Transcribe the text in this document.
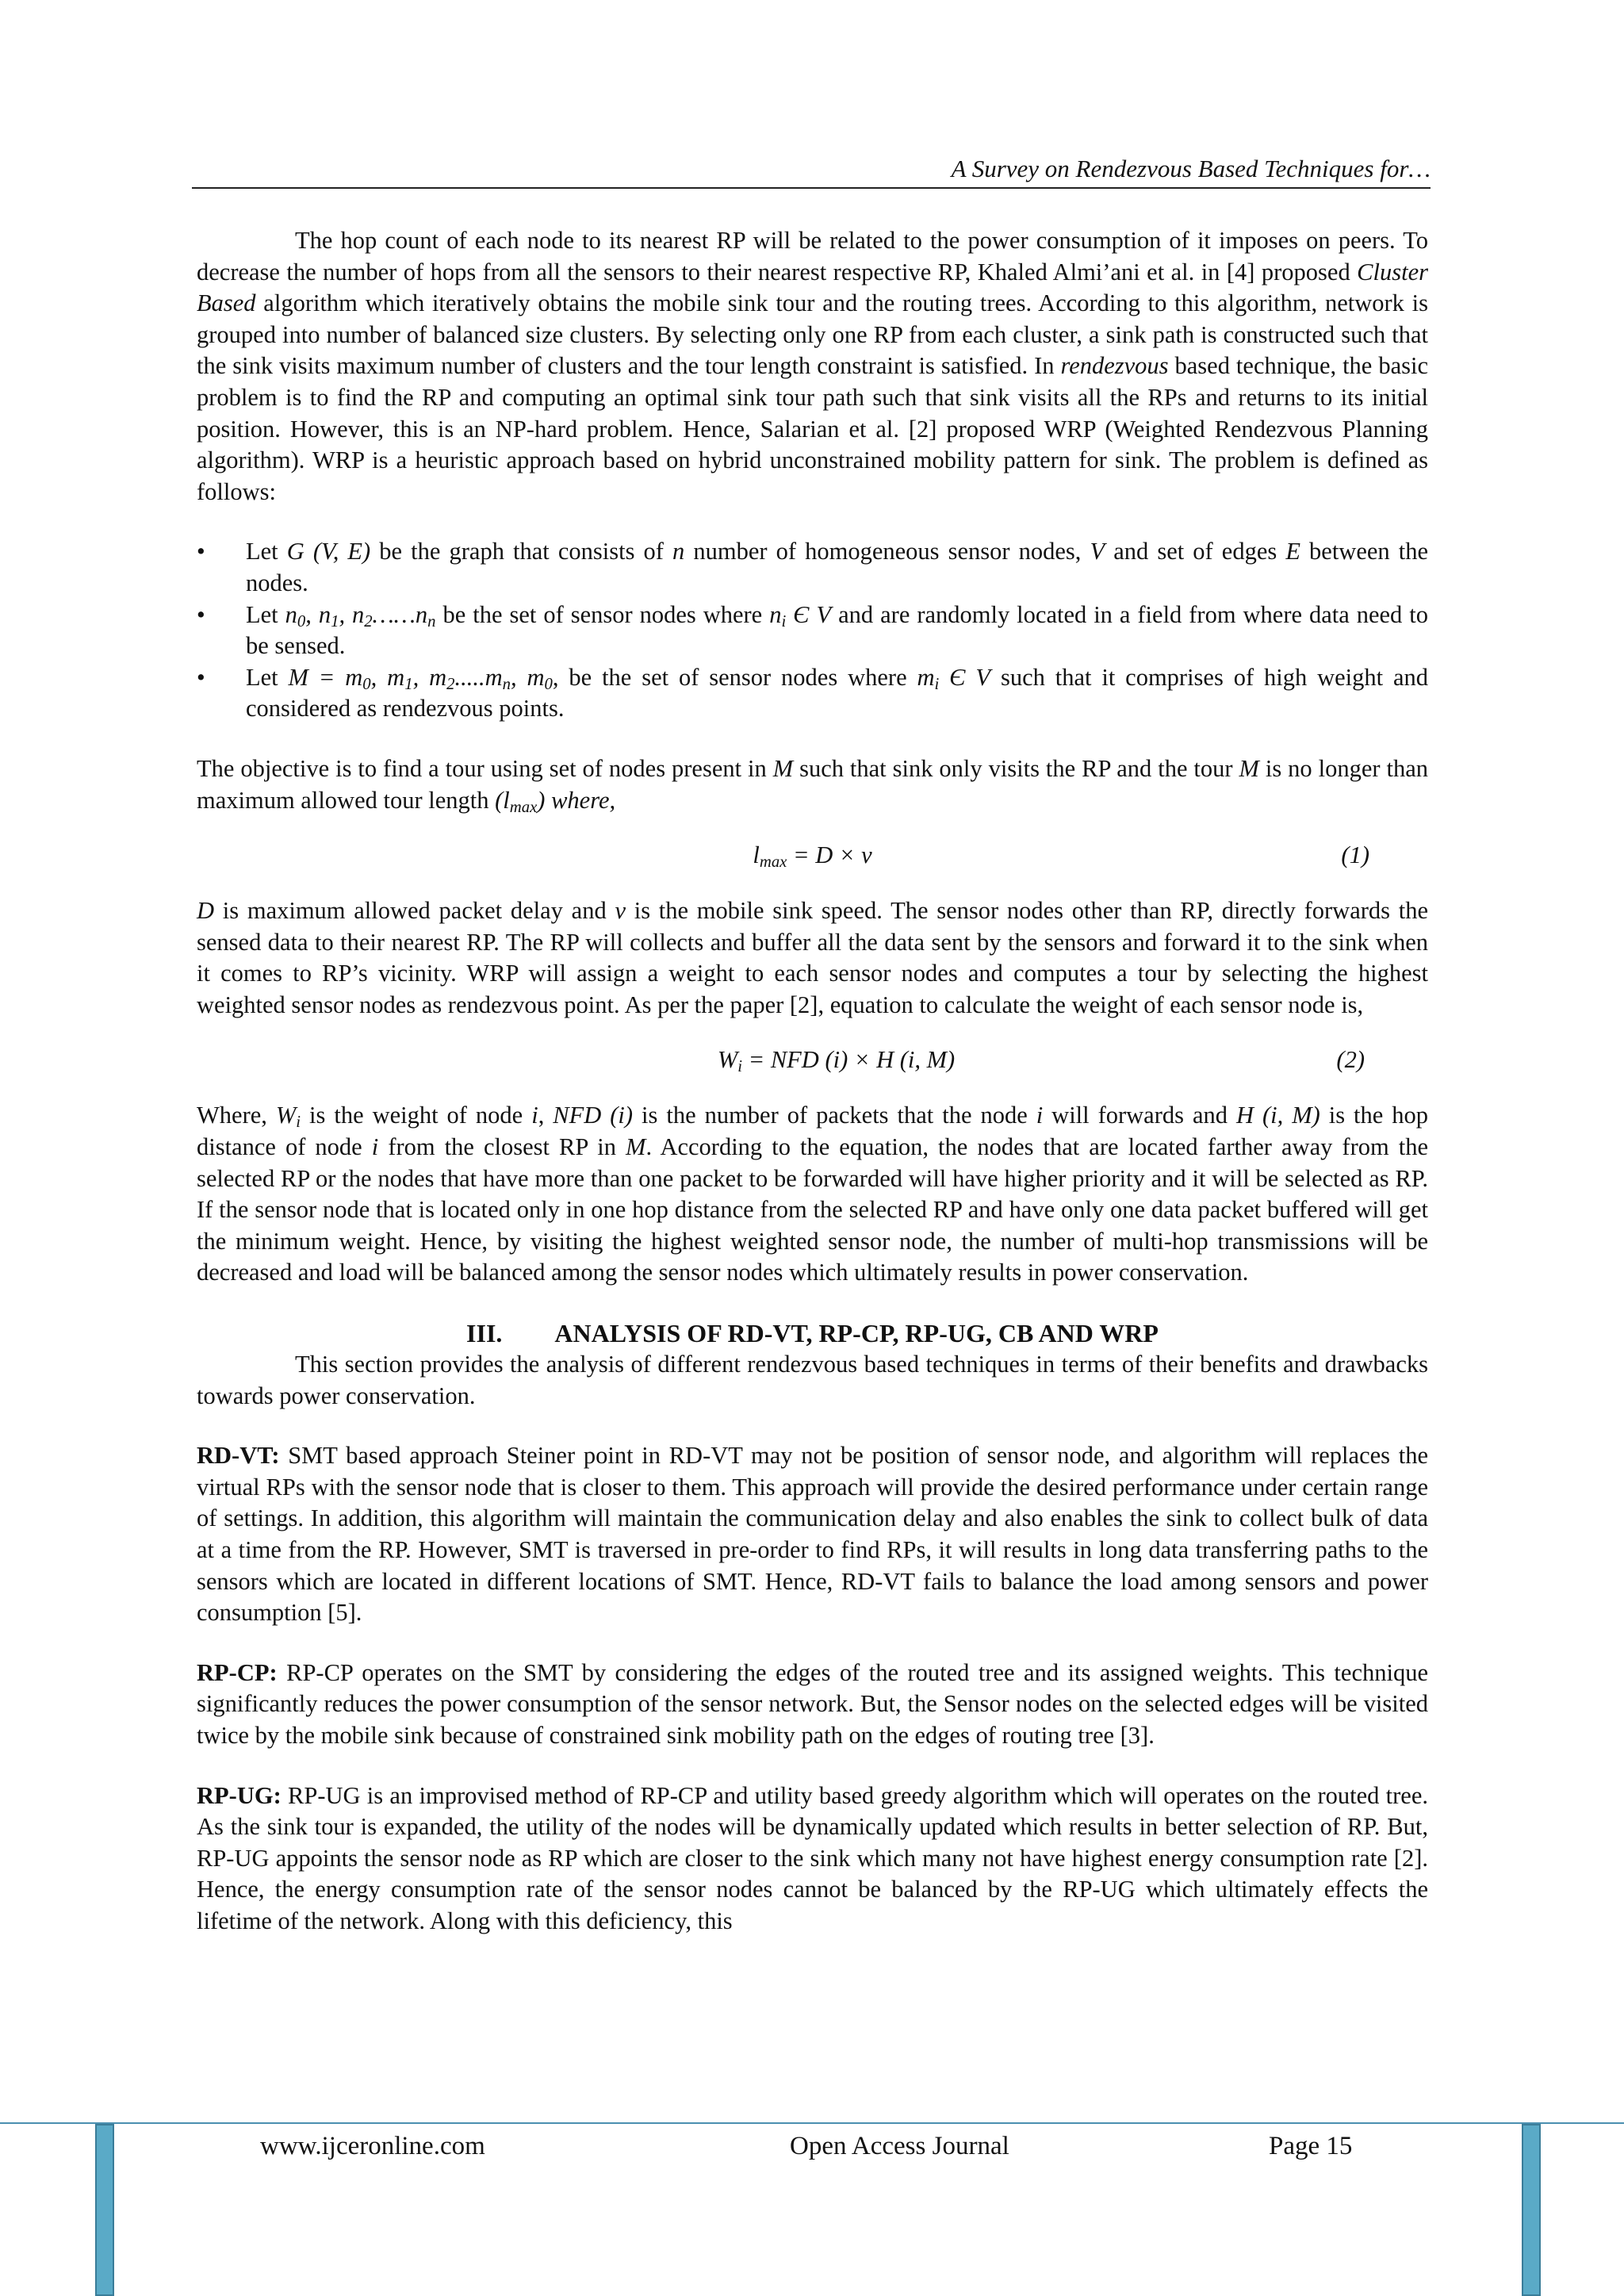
A Survey on Rendezvous Based Techniques for…

The hop count of each node to its nearest RP will be related to the power consumption of it imposes on peers. To decrease the number of hops from all the sensors to their nearest respective RP, Khaled Almi’ani et al. in [4] proposed Cluster Based algorithm which iteratively obtains the mobile sink tour and the routing trees. According to this algorithm, network is grouped into number of balanced size clusters. By selecting only one RP from each cluster, a sink path is constructed such that the sink visits maximum number of clusters and the tour length constraint is satisfied. In rendezvous based technique, the basic problem is to find the RP and computing an optimal sink tour path such that sink visits all the RPs and returns to its initial position. However, this is an NP-hard problem. Hence, Salarian et al. [2] proposed WRP (Weighted Rendezvous Planning algorithm). WRP is a heuristic approach based on hybrid unconstrained mobility pattern for sink. The problem is defined as follows:

• Let G (V, E) be the graph that consists of n number of homogeneous sensor nodes, V and set of edges E between the nodes.
• Let $n_0$, $n_1$, $n_2\dots\dots n_n$ be the set of sensor nodes where $n_i$ Є V and are randomly located in a field from where data need to be sensed.
• Let $M = m_0$, $m_1$, $m_2.....m_n$, $m_0$, be the set of sensor nodes where $m_i$ Є V such that it comprises of high weight and considered as rendezvous points.

The objective is to find a tour using set of nodes present in M such that sink only visits the RP and the tour M is no longer than maximum allowed tour length $(l_{max})$ where,

$l_{max} = D \times v$	(1)

D is maximum allowed packet delay and v is the mobile sink speed. The sensor nodes other than RP, directly forwards the sensed data to their nearest RP. The RP will collects and buffer all the data sent by the sensors and forward it to the sink when it comes to RP’s vicinity. WRP will assign a weight to each sensor nodes and computes a tour by selecting the highest weighted sensor nodes as rendezvous point. As per the paper [2], equation to calculate the weight of each sensor node is,

$W_i$ = NFD (i) × H (i, M)	(2)

Where, $W_i$ is the weight of node i, NFD (i) is the number of packets that the node i will forwards and H (i, M) is the hop distance of node i from the closest RP in M. According to the equation, the nodes that are located farther away from the selected RP or the nodes that have more than one packet to be forwarded will have higher priority and it will be selected as RP. If the sensor node that is located only in one hop distance from the selected RP and have only one data packet buffered will get the minimum weight. Hence, by visiting the highest weighted sensor node, the number of multi-hop transmissions will be decreased and load will be balanced among the sensor nodes which ultimately results in power conservation.

III. ANALYSIS OF RD-VT, RP-CP, RP-UG, CB AND WRP

This section provides the analysis of different rendezvous based techniques in terms of their benefits and drawbacks towards power conservation.

RD-VT: SMT based approach Steiner point in RD-VT may not be position of sensor node, and algorithm will replaces the virtual RPs with the sensor node that is closer to them. This approach will provide the desired performance under certain range of settings. In addition, this algorithm will maintain the communication delay and also enables the sink to collect bulk of data at a time from the RP. However, SMT is traversed in pre-order to find RPs, it will results in long data transferring paths to the sensors which are located in different locations of SMT. Hence, RD-VT fails to balance the load among sensors and power consumption [5].

RP-CP: RP-CP operates on the SMT by considering the edges of the routed tree and its assigned weights. This technique significantly reduces the power consumption of the sensor network. But, the Sensor nodes on the selected edges will be visited twice by the mobile sink because of constrained sink mobility path on the edges of routing tree [3].

RP-UG: RP-UG is an improvised method of RP-CP and utility based greedy algorithm which will operates on the routed tree. As the sink tour is expanded, the utility of the nodes will be dynamically updated which results in better selection of RP. But, RP-UG appoints the sensor node as RP which are closer to the sink which many not have highest energy consumption rate [2]. Hence, the energy consumption rate of the sensor nodes cannot be balanced by the RP-UG which ultimately effects the lifetime of the network. Along with this deficiency, this

www.ijceronline.com	Open Access Journal	Page 15
